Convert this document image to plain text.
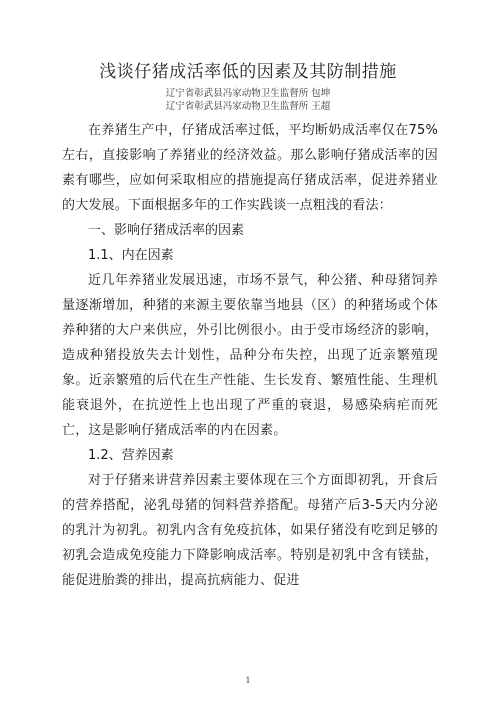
浅谈仔猪成活率低的因素及其防制措施
辽宁省彰武县冯家动物卫生监督所 包坤
辽宁省彰武县冯家动物卫生监督所 王超

在养猪生产中，仔猪成活率过低，平均断奶成活率仅在75%左右，直接影响了养猪业的经济效益。那么影响仔猪成活率的因素有哪些，应如何采取相应的措施提高仔猪成活率，促进养猪业的大发展。下面根据多年的工作实践谈一点粗浅的看法：

一、影响仔猪成活率的因素

1.1、内在因素

近几年养猪业发展迅速，市场不景气，种公猪、种母猪饲养量逐渐增加，种猪的来源主要依靠当地县（区）的种猪场或个体养种猪的大户来供应，外引比例很小。由于受市场经济的影响，造成种猪投放失去计划性，品种分布失控，出现了近亲繁殖现象。近亲繁殖的后代在生产性能、生长发育、繁殖性能、生理机能衰退外，在抗逆性上也出现了严重的衰退，易感染病疟而死亡，这是影响仔猪成活率的内在因素。

1.2、营养因素

对于仔猪来讲营养因素主要体现在三个方面即初乳，开食后的营养搭配，泌乳母猪的饲料营养搭配。母猪产后3-5天内分泌的乳汁为初乳。初乳内含有免疫抗体，如果仔猪没有吃到足够的初乳会造成免疫能力下降影响成活率。特别是初乳中含有镁盐，能促进胎粪的排出，提高抗病能力、促进

1
